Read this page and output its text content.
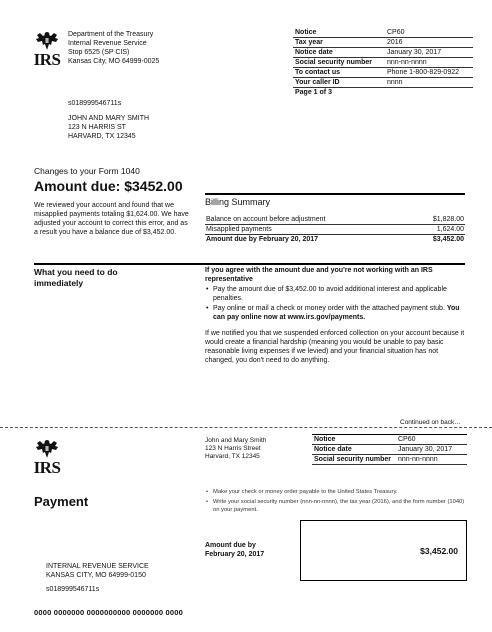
IRS
Department of the Treasury
Internal Revenue Service
Stop 6525 (SP CIS)
Kansas City, MO 64999-0025
Notice	CP60
Tax year	2016
Notice date	January 30, 2017
Social security number	nnn-nn-nnnn
To contact us	Phone 1-800-829-0922
Your caller ID	nnnn
Page 1 of 3	
s018999546711s
JOHN AND MARY SMITH
123 N HARRIS ST
HARVARD, TX 12345
Changes to your Form 1040
Amount due: $3452.00
We reviewed your account and found that we misapplied payments totaling $1,624.00. We have adjusted your account to correct this error, and as a result you have a balance due of $3,452.00.
Billing Summary
Balance on account before adjustment	$1,828.00
Misapplied payments	1,624.00
Amount due by February 20, 2017	$3,452.00
What you need to do immediately
If you agree with the amount due and you're not working with an IRS representative
• Pay the amount due of $3,452.00 to avoid additional interest and applicable penalties.
• Pay online or mail a check or money order with the attached payment stub. You can pay online now at www.irs.gov/payments.
If we notified you that we suspended enforced collection on your account because it would create a financial hardship (meaning you would be unable to pay basic reasonable living expenses if we levied) and your financial situation has not changed, you don't need to do anything.
Continued on back…
IRS
John and Mary Smith
123 N Harris Street
Harvard, TX 12345
Notice	CP60
Notice date	January 30, 2017
Social security number	nnn-nn-nnnn
Payment
• Make your check or money order payable to the United States Treasury.
• Write your social security number (nnn-nn-nnnn), the tax year (2016), and the form number (1040) on your payment.
Amount due by February 20, 2017	$3,452.00
INTERNAL REVENUE SERVICE
KANSAS CITY, MO 64999-0150
s018999546711s
0000 0000000 0000000000 0000000 0000
